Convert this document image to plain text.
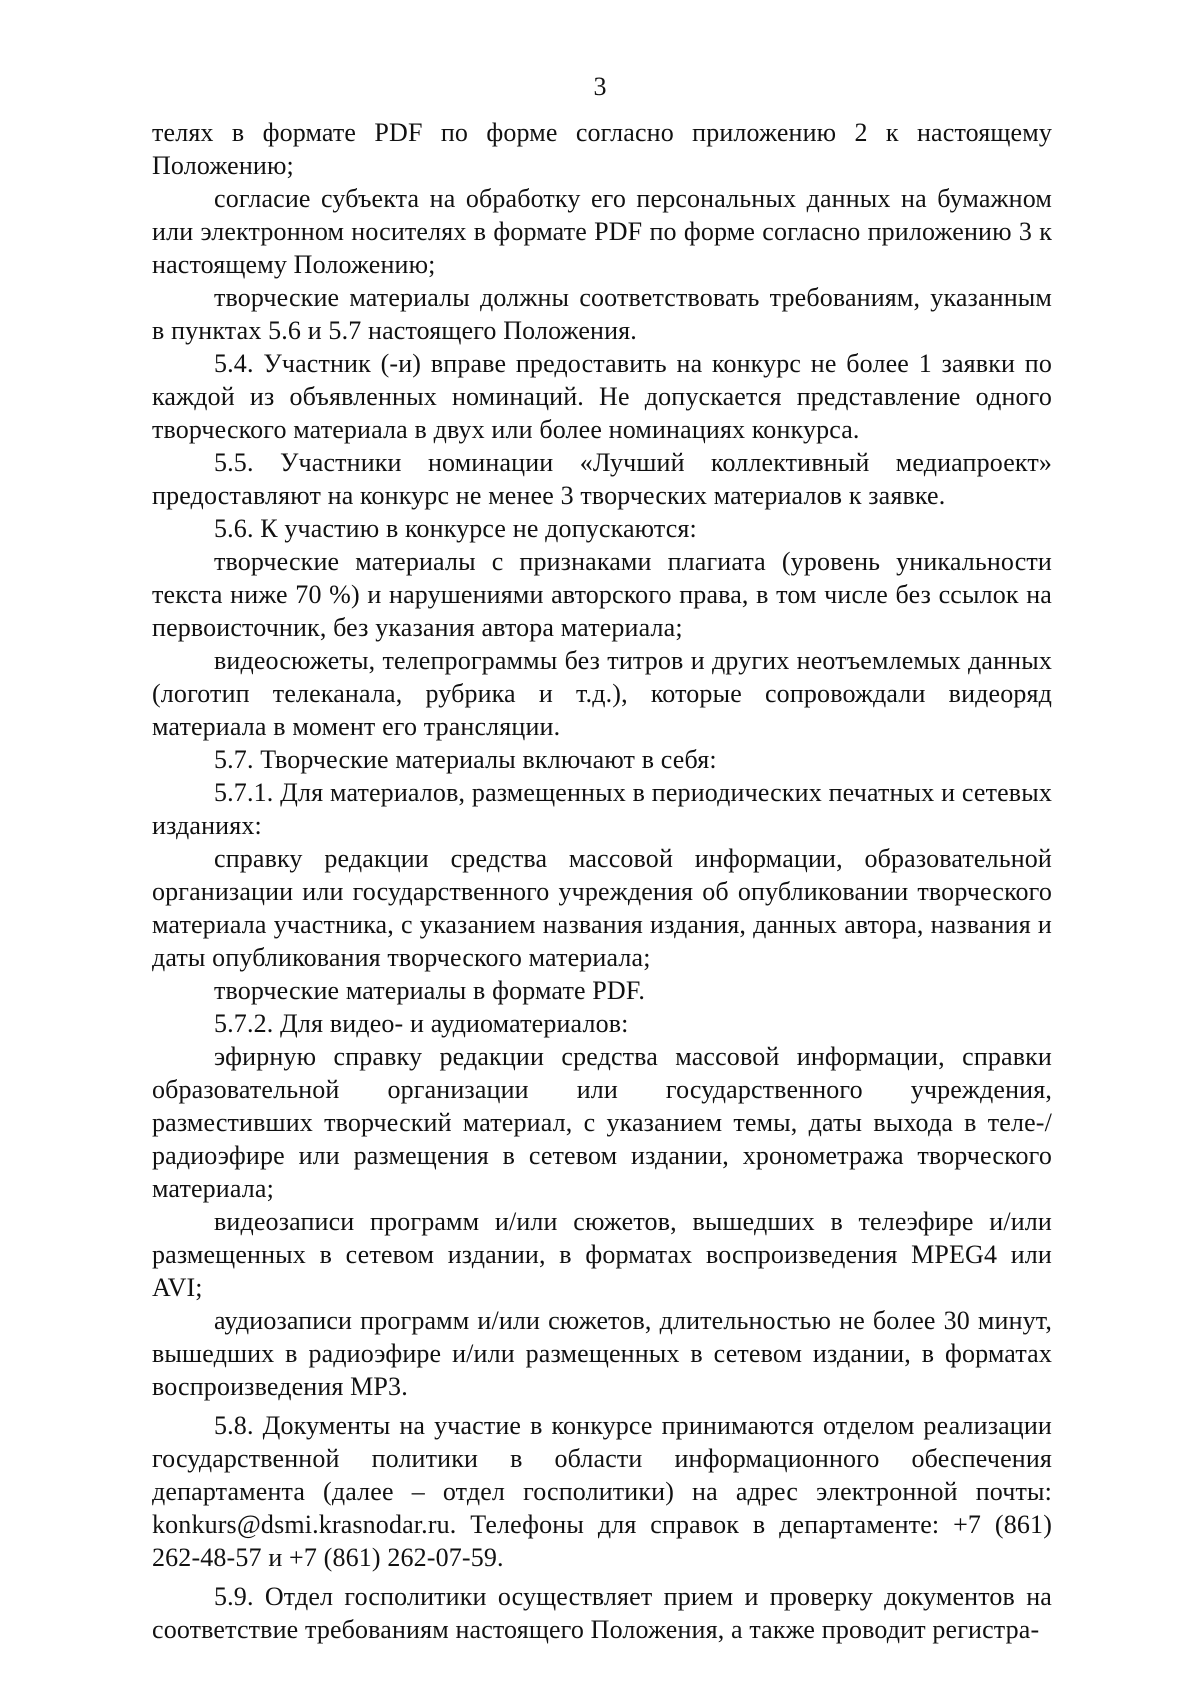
3

телях в формате PDF по форме согласно приложению 2 к настоящему Положению;

согласие субъекта на обработку его персональных данных на бумажном или электронном носителях в формате PDF по форме согласно приложению 3 к настоящему Положению;

творческие материалы должны соответствовать требованиям, указанным в пунктах 5.6 и 5.7 настоящего Положения.

5.4. Участник (-и) вправе предоставить на конкурс не более 1 заявки по каждой из объявленных номинаций. Не допускается представление одного творческого материала в двух или более номинациях конкурса.

5.5. Участники номинации «Лучший коллективный медиапроект» предоставляют на конкурс не менее 3 творческих материалов к заявке.

5.6. К участию в конкурсе не допускаются:

творческие материалы с признаками плагиата (уровень уникальности текста ниже 70 %) и нарушениями авторского права, в том числе без ссылок на первоисточник, без указания автора материала;

видеосюжеты, телепрограммы без титров и других неотъемлемых данных (логотип телеканала, рубрика и т.д.), которые сопровождали видеоряд материала в момент его трансляции.

5.7. Творческие материалы включают в себя:

5.7.1. Для материалов, размещенных в периодических печатных и сетевых изданиях:

справку редакции средства массовой информации, образовательной организации или государственного учреждения об опубликовании творческого материала участника, с указанием названия издания, данных автора, названия и даты опубликования творческого материала;

творческие материалы в формате PDF.

5.7.2. Для видео- и аудиоматериалов:

эфирную справку редакции средства массовой информации, справки образовательной организации или государственного учреждения, разместивших творческий материал, с указанием темы, даты выхода в теле-/радиоэфире или размещения в сетевом издании, хронометража творческого материала;

видеозаписи программ и/или сюжетов, вышедших в телеэфире и/или размещенных в сетевом издании, в форматах воспроизведения MPEG4 или AVI;

аудиозаписи программ и/или сюжетов, длительностью не более 30 минут, вышедших в радиоэфире и/или размещенных в сетевом издании, в форматах воспроизведения MP3.

5.8. Документы на участие в конкурсе принимаются отделом реализации государственной политики в области информационного обеспечения департамента (далее – отдел госполитики) на адрес электронной почты: konkurs@dsmi.krasnodar.ru. Телефоны для справок в департаменте: +7 (861) 262-48-57 и +7 (861) 262-07-59.

5.9. Отдел госполитики осуществляет прием и проверку документов на соответствие требованиям настоящего Положения, а также проводит регистра-
